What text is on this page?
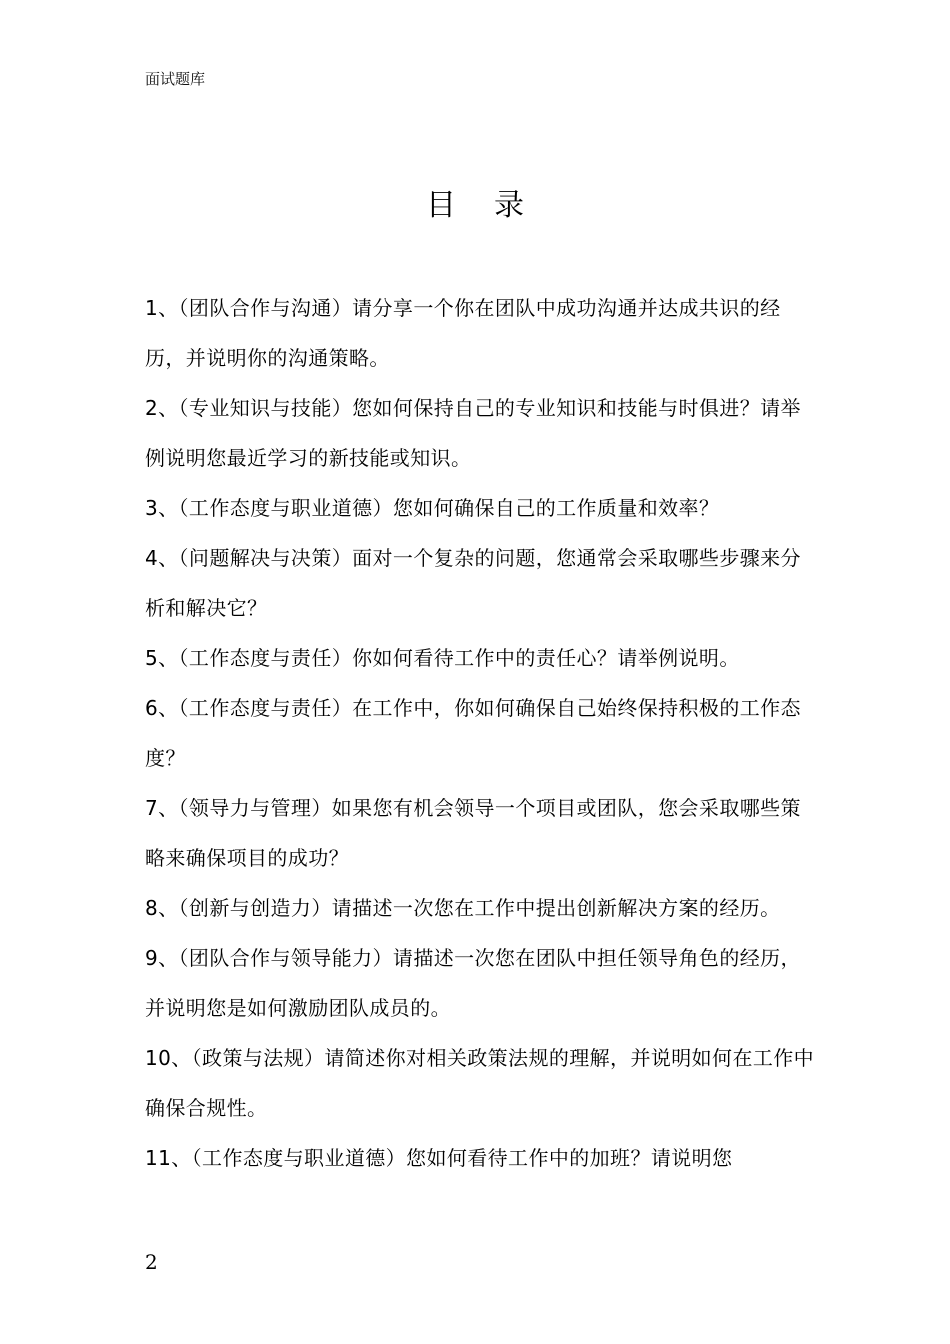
面试题库
目录
1、（团队合作与沟通）请分享一个你在团队中成功沟通并达成共识的经历，并说明你的沟通策略。
2、（专业知识与技能）您如何保持自己的专业知识和技能与时俱进？请举例说明您最近学习的新技能或知识。
3、（工作态度与职业道德）您如何确保自己的工作质量和效率？
4、（问题解决与决策）面对一个复杂的问题，您通常会采取哪些步骤来分析和解决它？
5、（工作态度与责任）你如何看待工作中的责任心？请举例说明。
6、（工作态度与责任）在工作中，你如何确保自己始终保持积极的工作态度？
7、（领导力与管理）如果您有机会领导一个项目或团队，您会采取哪些策略来确保项目的成功？
8、（创新与创造力）请描述一次您在工作中提出创新解决方案的经历。
9、（团队合作与领导能力）请描述一次您在团队中担任领导角色的经历，并说明您是如何激励团队成员的。
10、（政策与法规）请简述你对相关政策法规的理解，并说明如何在工作中确保合规性。
11、（工作态度与职业道德）您如何看待工作中的加班？请说明您
2
